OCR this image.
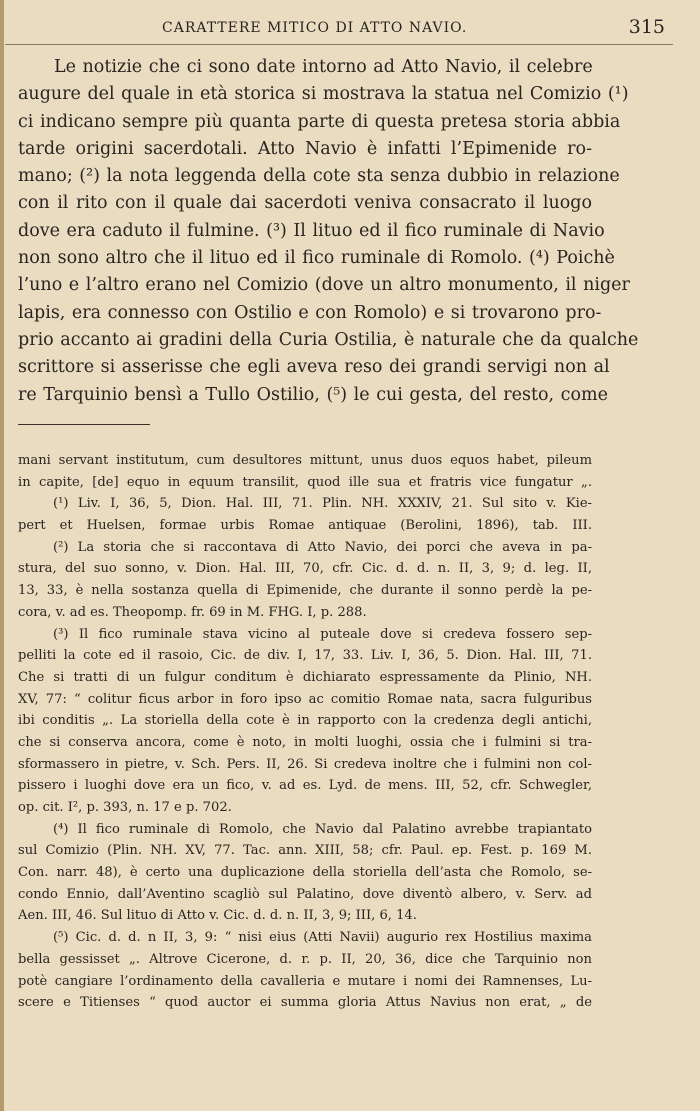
CARATTERE MITICO DI ATTO NAVIO.	315
Le notizie che ci sono date intorno ad Atto Navio, il celebre
augure del quale in età storica si mostrava la statua nel Comizio (¹)
ci indicano sempre più quanta parte di questa pretesa storia abbia
tarde origini sacerdotali. Atto Navio è infatti l’Epimenide ro-
mano; (²) la nota leggenda della cote sta senza dubbio in relazione
con il rito con il quale dai sacerdoti veniva consacrato il luogo
dove era caduto il fulmine. (³) Il lituo ed il fico ruminale di Navio
non sono altro che il lituo ed il fico ruminale di Romolo. (⁴) Poichè
l’uno e l’altro erano nel Comizio (dove un altro monumento, il niger
lapis, era connesso con Ostilio e con Romolo) e si trovarono pro-
prio accanto ai gradini della Curia Ostilia, è naturale che da qualche
scrittore si asserisse che egli aveva reso dei grandi servigi non al
re Tarquinio bensì a Tullo Ostilio, (⁵) le cui gesta, del resto, come
mani servant institutum, cum desultores mittunt, unus duos equos habet, pileum
in capite, [de] equo in equum transilit, quod ille sua et fratris vice fungatur „.
(¹) Liv. I, 36, 5, Dion. Hal. III, 71. Plin. NH. XXXIV, 21. Sul sito v. Kie-
pert et Huelsen, formae urbis Romae antiquae (Berolini, 1896), tab. III.
(²) La storia che si raccontava di Atto Navio, dei porci che aveva in pa-
stura, del suo sonno, v. Dion. Hal. III, 70, cfr. Cic. d. d. n. II, 3, 9; d. leg. II,
13, 33, è nella sostanza quella di Epimenide, che durante il sonno perdè la pe-
cora, v. ad es. Theopomp. fr. 69 in M. FHG. I, p. 288.
(³) Il fico ruminale stava vicino al puteale dove si credeva fossero sep-
pelliti la cote ed il rasoio, Cic. de div. I, 17, 33. Liv. I, 36, 5. Dion. Hal. III, 71.
Che si tratti di un fulgur conditum è dichiarato espressamente da Plinio, NH.
XV, 77: “ colitur ficus arbor in foro ipso ac comitio Romae nata, sacra fulguribus
ibi conditis „. La storiella della cote è in rapporto con la credenza degli antichi,
che si conserva ancora, come è noto, in molti luoghi, ossia che i fulmini si tra-
sformassero in pietre, v. Sch. Pers. II, 26. Si credeva inoltre che i fulmini non col-
pissero i luoghi dove era un fico, v. ad es. Lyd. de mens. III, 52, cfr. Schwegler,
op. cit. I², p. 393, n. 17 e p. 702.
(⁴) Il fico ruminale di Romolo, che Navio dal Palatino avrebbe trapiantato
sul Comizio (Plin. NH. XV, 77. Tac. ann. XIII, 58; cfr. Paul. ep. Fest. p. 169 M.
Con. narr. 48), è certo una duplicazione della storiella dell’asta che Romolo, se-
condo Ennio, dall’Aventino scagliò sul Palatino, dove diventò albero, v. Serv. ad
Aen. III, 46. Sul lituo di Atto v. Cic. d. d. n. II, 3, 9; III, 6, 14.
(⁵) Cic. d. d. n II, 3, 9: “ nisi eius (Atti Navii) augurio rex Hostilius maxima
bella gessisset „. Altrove Cicerone, d. r. p. II, 20, 36, dice che Tarquinio non
potè cangiare l’ordinamento della cavalleria e mutare i nomi dei Ramnenses, Lu-
scere e Titienses “ quod auctor ei summa gloria Attus Navius non erat, „ de
